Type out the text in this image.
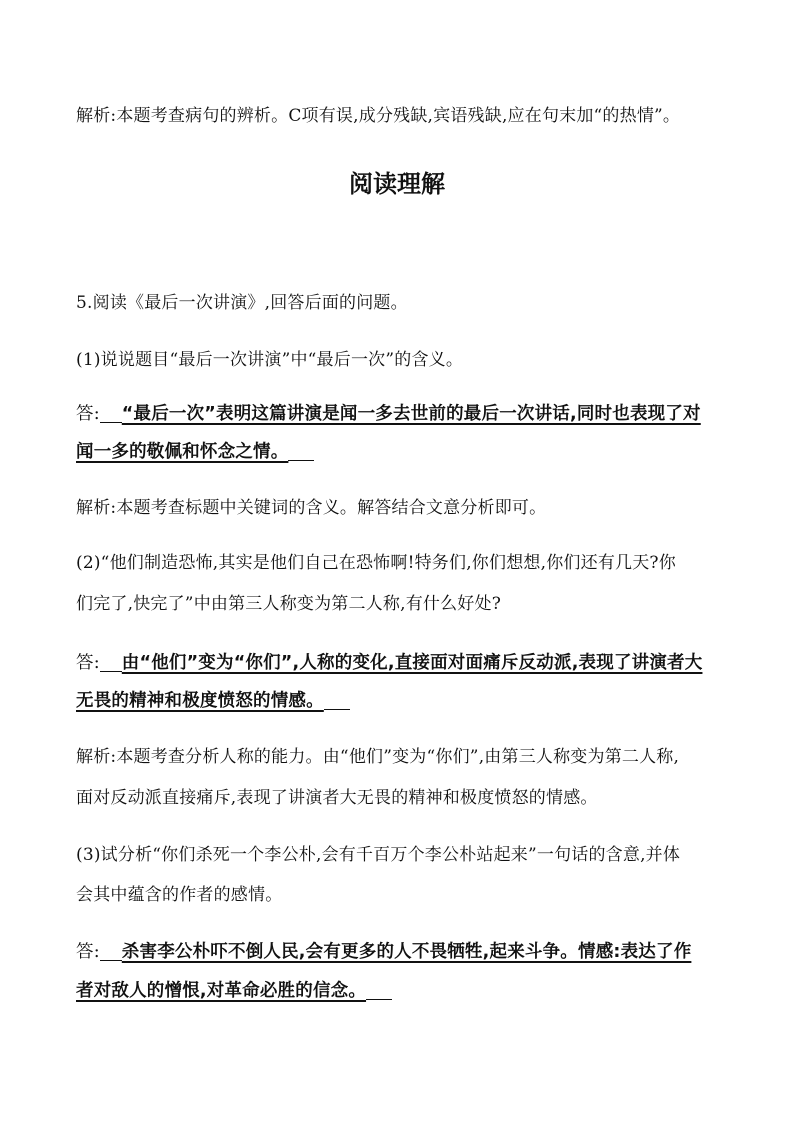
解析:本题考查病句的辨析。C项有误,成分残缺,宾语残缺,应在句末加“的热情”。
阅读理解
5.阅读《最后一次讲演》,回答后面的问题。
(1)说说题目“最后一次讲演”中“最后一次”的含义。
答: “最后一次”表明这篇讲演是闻一多去世前的最后一次讲话,同时也表现了对
闻一多的敬佩和怀念之情。
解析:本题考查标题中关键词的含义。解答结合文意分析即可。
(2)“他们制造恐怖,其实是他们自己在恐怖啊!特务们,你们想想,你们还有几天?你
们完了,快完了”中由第三人称变为第二人称,有什么好处?
答: 由“他们”变为“你们”,人称的变化,直接面对面痛斥反动派,表现了讲演者大
无畏的精神和极度愤怒的情感。
解析:本题考查分析人称的能力。由“他们”变为“你们”,由第三人称变为第二人称,
面对反动派直接痛斥,表现了讲演者大无畏的精神和极度愤怒的情感。
(3)试分析“你们杀死一个李公朴,会有千百万个李公朴站起来”一句话的含意,并体
会其中蕴含的作者的感情。
答: 杀害李公朴吓不倒人民,会有更多的人不畏牺牲,起来斗争。情感:表达了作
者对敌人的憎恨,对革命必胜的信念。
